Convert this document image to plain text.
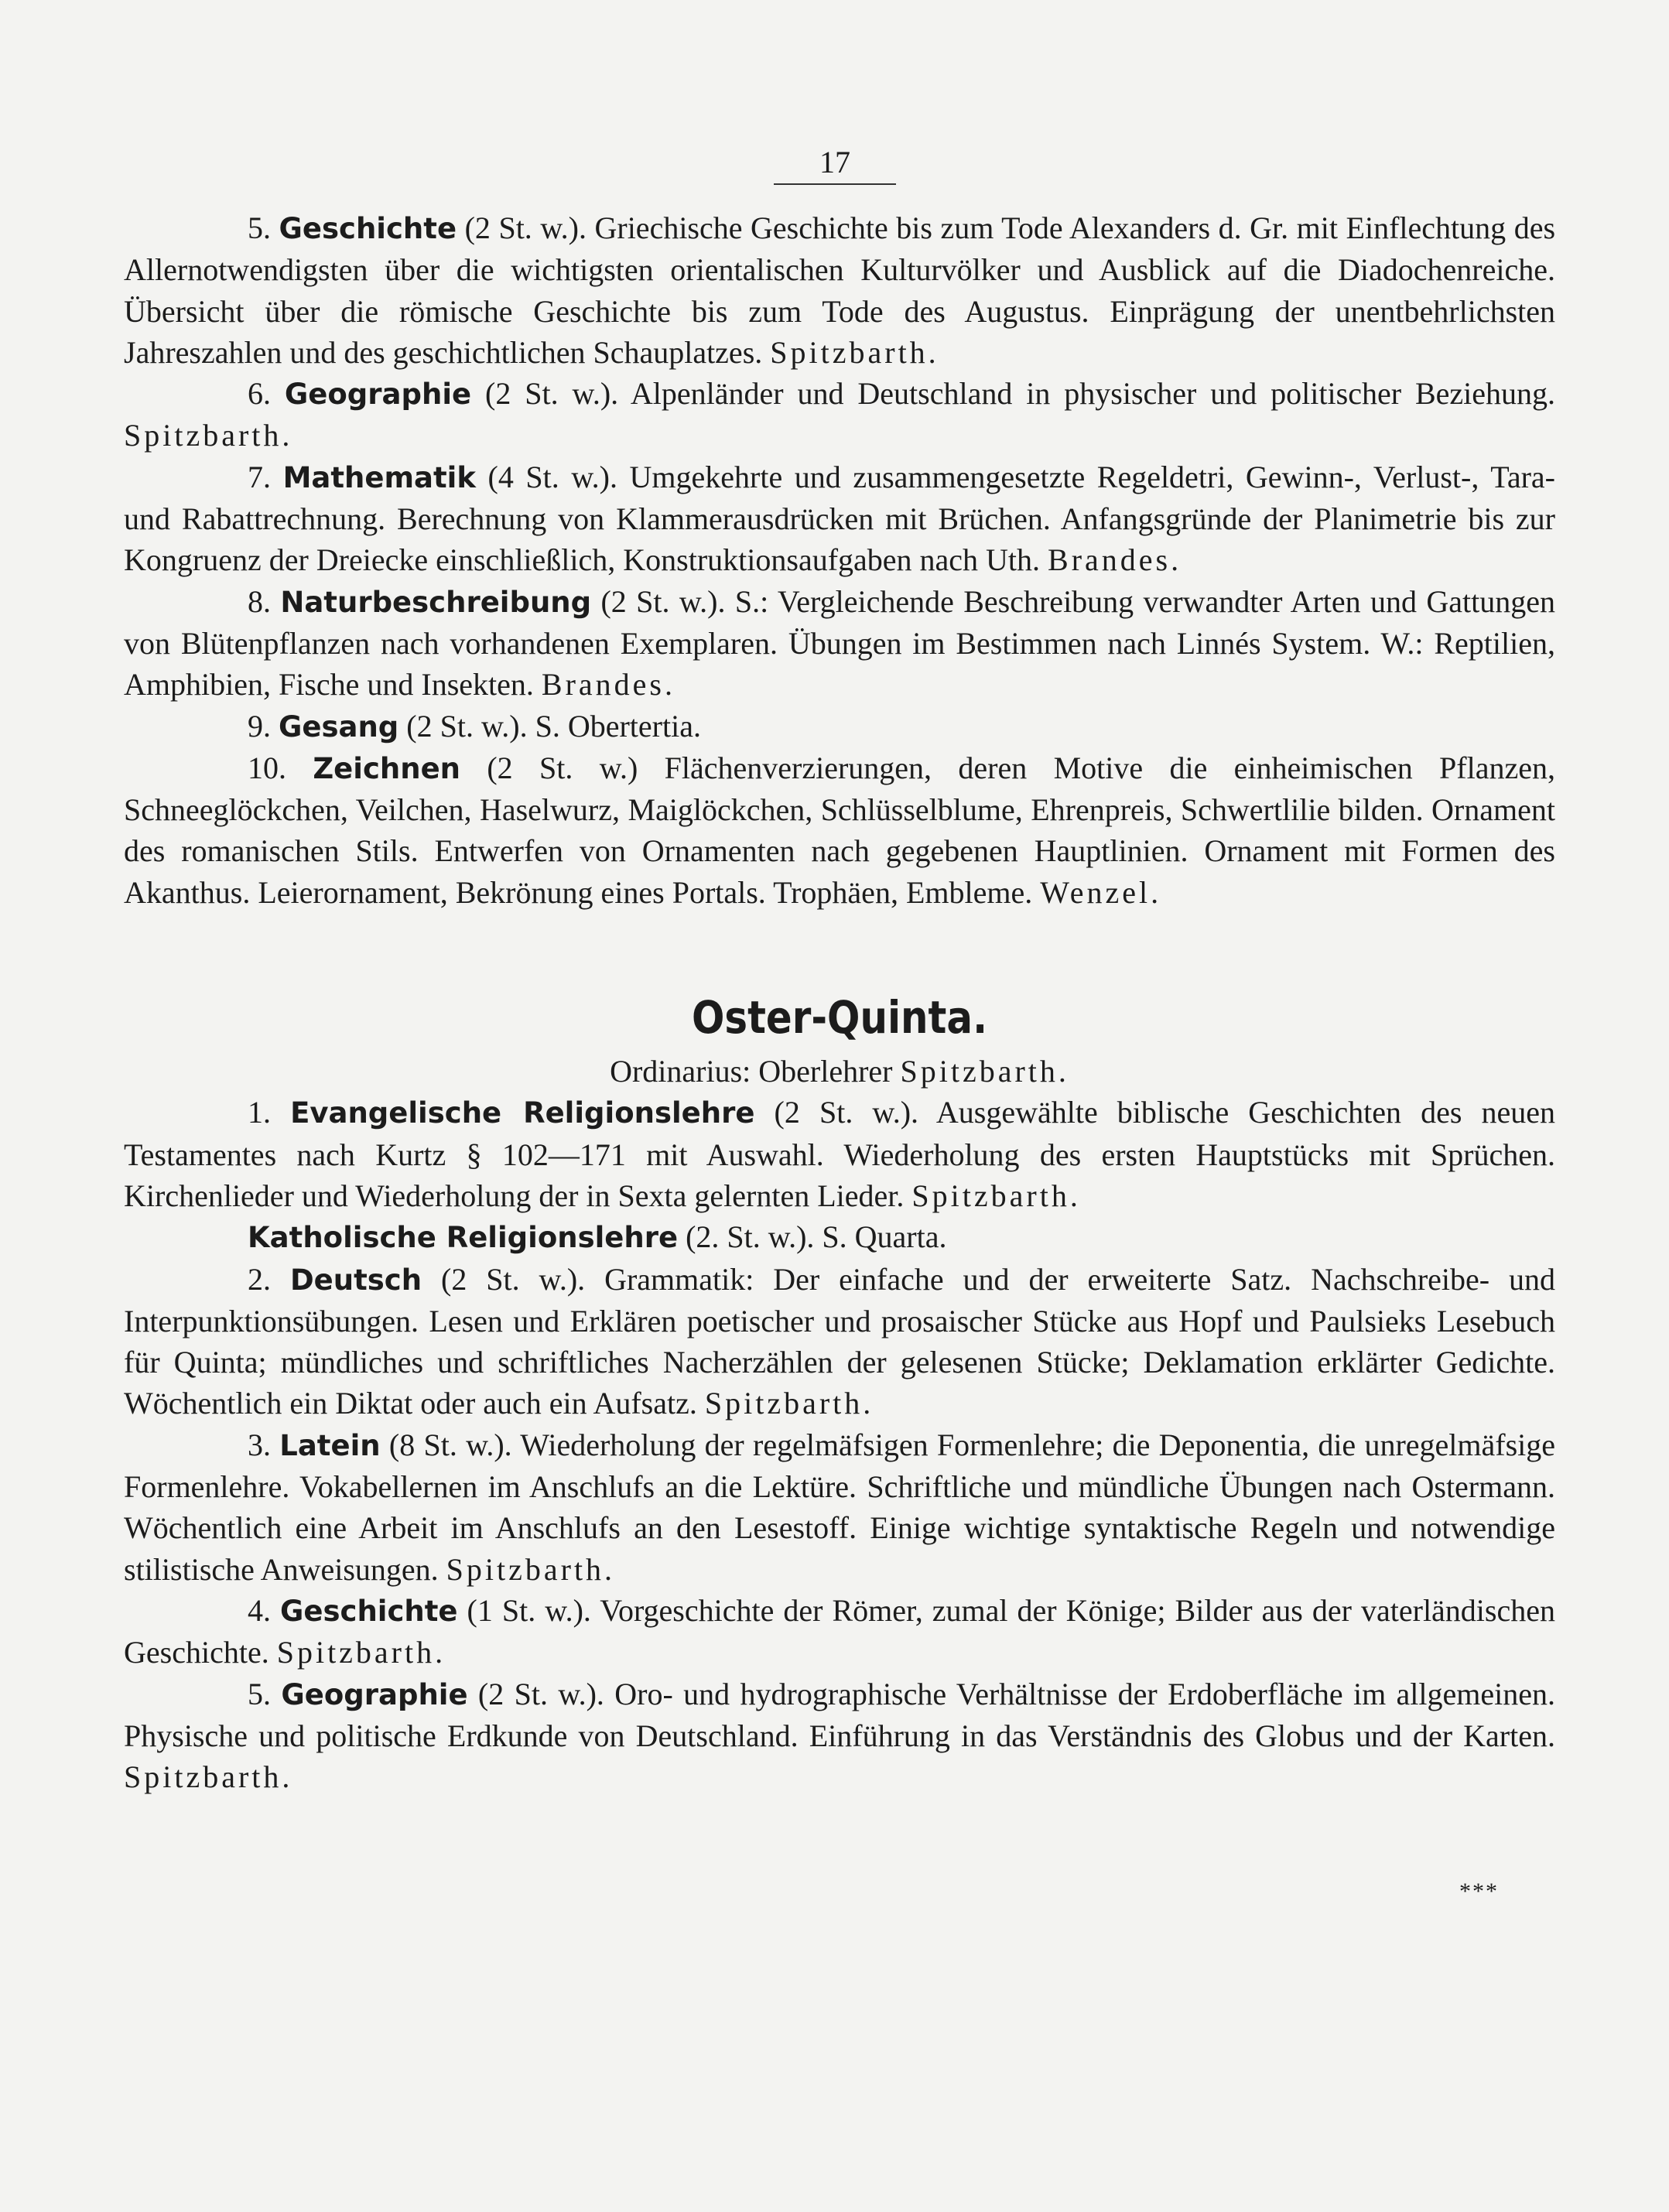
17

5. Geschichte (2 St. w.). Griechische Geschichte bis zum Tode Alexanders d. Gr. mit Einflechtung des Allernotwendigsten über die wichtigsten orientalischen Kulturvölker und Ausblick auf die Diadochenreiche. Übersicht über die römische Geschichte bis zum Tode des Augustus. Einprägung der unentbehrlichsten Jahreszahlen und des geschichtlichen Schauplatzes. Spitzbarth.

6. Geographie (2 St. w.). Alpenländer und Deutschland in physischer und politischer Beziehung. Spitzbarth.

7. Mathematik (4 St. w.). Umgekehrte und zusammengesetzte Regeldetri, Gewinn-, Verlust-, Tara- und Rabattrechnung. Berechnung von Klammerausdrücken mit Brüchen. Anfangsgründe der Planimetrie bis zur Kongruenz der Dreiecke einschließlich, Konstruktionsaufgaben nach Uth. Brandes.

8. Naturbeschreibung (2 St. w.). S.: Vergleichende Beschreibung verwandter Arten und Gattungen von Blütenpflanzen nach vorhandenen Exemplaren. Übungen im Bestimmen nach Linnés System. W.: Reptilien, Amphibien, Fische und Insekten. Brandes.

9. Gesang (2 St. w.). S. Obertertia.

10. Zeichnen (2 St. w.) Flächenverzierungen, deren Motive die einheimischen Pflanzen, Schneeglöckchen, Veilchen, Haselwurz, Maiglöckchen, Schlüsselblume, Ehrenpreis, Schwertlilie bilden. Ornament des romanischen Stils. Entwerfen von Ornamenten nach gegebenen Hauptlinien. Ornament mit Formen des Akanthus. Leierornament, Bekrönung eines Portals. Trophäen, Embleme. Wenzel.

Oster-Quinta.

Ordinarius: Oberlehrer Spitzbarth.

1. Evangelische Religionslehre (2 St. w.). Ausgewählte biblische Geschichten des neuen Testamentes nach Kurtz § 102—171 mit Auswahl. Wiederholung des ersten Hauptstücks mit Sprüchen. Kirchenlieder und Wiederholung der in Sexta gelernten Lieder. Spitzbarth.

Katholische Religionslehre (2. St. w.). S. Quarta.

2. Deutsch (2 St. w.). Grammatik: Der einfache und der erweiterte Satz. Nachschreibe- und Interpunktionsübungen. Lesen und Erklären poetischer und prosaischer Stücke aus Hopf und Paulsieks Lesebuch für Quinta; mündliches und schriftliches Nacherzählen der gelesenen Stücke; Deklamation erklärter Gedichte. Wöchentlich ein Diktat oder auch ein Aufsatz. Spitzbarth.

3. Latein (8 St. w.). Wiederholung der regelmäfsigen Formenlehre; die Deponentia, die unregelmäfsige Formenlehre. Vokabellernen im Anschlufs an die Lektüre. Schriftliche und mündliche Übungen nach Ostermann. Wöchentlich eine Arbeit im Anschlufs an den Lesestoff. Einige wichtige syntaktische Regeln und notwendige stilistische Anweisungen. Spitzbarth.

4. Geschichte (1 St. w.). Vorgeschichte der Römer, zumal der Könige; Bilder aus der vaterländischen Geschichte. Spitzbarth.

5. Geographie (2 St. w.). Oro- und hydrographische Verhältnisse der Erdoberfläche im allgemeinen. Physische und politische Erdkunde von Deutschland. Einführung in das Verständnis des Globus und der Karten. Spitzbarth.

***
